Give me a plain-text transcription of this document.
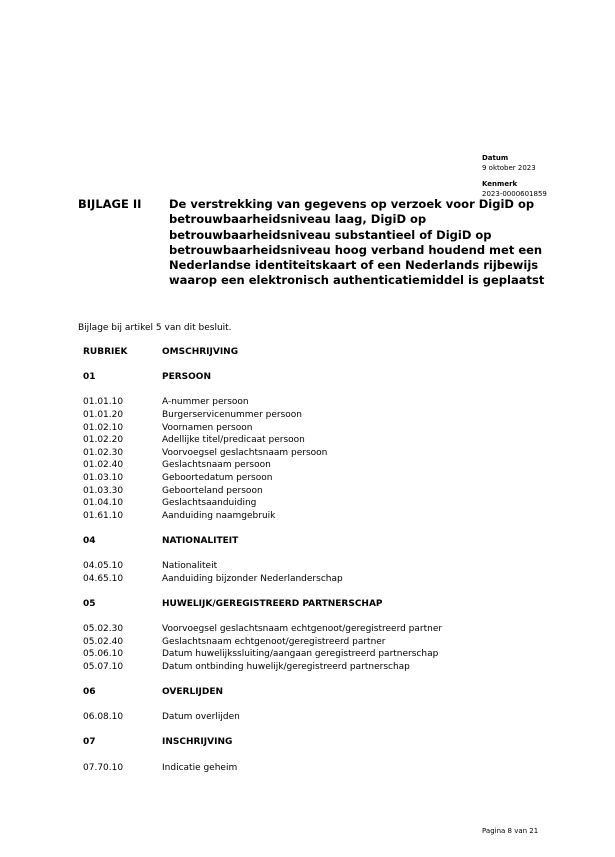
Datum
9 oktober 2023
Kenmerk
2023-0000601859
BIJLAGE II De verstrekking van gegevens op verzoek voor DigiD op betrouwbaarheidsniveau laag, DigiD op betrouwbaarheidsniveau substantieel of DigiD op betrouwbaarheidsniveau hoog verband houdend met een Nederlandse identiteitskaart of een Nederlands rijbewijs waarop een elektronisch authenticatiemiddel is geplaatst
Bijlage bij artikel 5 van dit besluit.
RUBRIEK	OMSCHRIJVING
01	PERSOON
01.01.10	A-nummer persoon
01.01.20	Burgerservicenummer persoon
01.02.10	Voornamen persoon
01.02.20	Adellijke titel/predicaat persoon
01.02.30	Voorvoegsel geslachtsnaam persoon
01.02.40	Geslachtsnaam persoon
01.03.10	Geboortedatum persoon
01.03.30	Geboorteland persoon
01.04.10	Geslachtsaanduiding
01.61.10	Aanduiding naamgebruik
04	NATIONALITEIT
04.05.10	Nationaliteit
04.65.10	Aanduiding bijzonder Nederlanderschap
05	HUWELIJK/GEREGISTREERD PARTNERSCHAP
05.02.30	Voorvoegsel geslachtsnaam echtgenoot/geregistreerd partner
05.02.40	Geslachtsnaam echtgenoot/geregistreerd partner
05.06.10	Datum huwelijkssluiting/aangaan geregistreerd partnerschap
05.07.10	Datum ontbinding huwelijk/geregistreerd partnerschap
06	OVERLIJDEN
06.08.10	Datum overlijden
07	INSCHRIJVING
07.70.10	Indicatie geheim
Pagina 8 van 21
